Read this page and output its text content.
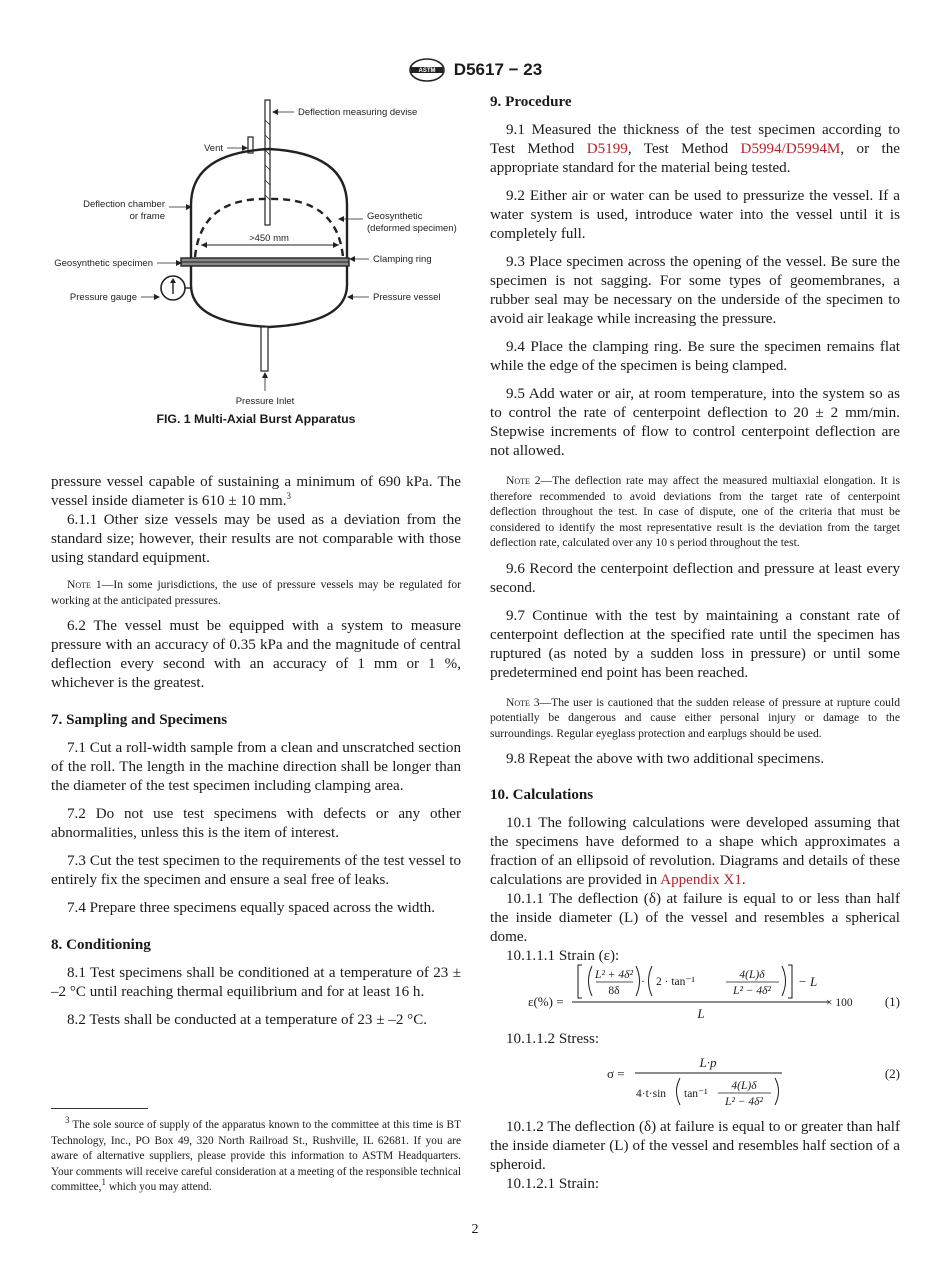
ASTM D5617 − 23
>450 mm
Deflection measuring devise
Vent
Deflection chamber
or frame	Geosynthetic
(deformed specimen)
Geosynthetic specimen	Clamping ring
Pressure gauge	Pressure vessel
Pressure Inlet
FIG. 1 Multi-Axial Burst Apparatus

pressure vessel capable of sustaining a minimum of 690 kPa. The vessel inside diameter is 610 ± 10 mm.$^3$

6.1.1 Other size vessels may be used as a deviation from the standard size; however, their results are not comparable with those using standard equipment.

Note 1—In some jurisdictions, the use of pressure vessels may be regulated for working at the anticipated pressures.

6.2 The vessel must be equipped with a system to measure pressure with an accuracy of 0.35 kPa and the magnitude of central deflection every second with an accuracy of 1 mm or 1 %, whichever is the greatest.

7. Sampling and Specimens

7.1 Cut a roll-width sample from a clean and unscratched section of the roll. The length in the machine direction shall be longer than the diameter of the test specimen including clamping area.

7.2 Do not use test specimens with defects or any other abnormalities, unless this is the item of interest.

7.3 Cut the test specimen to the requirements of the test vessel to entirely fix the specimen and ensure a seal free of leaks.

7.4 Prepare three specimens equally spaced across the width.

8. Conditioning

8.1 Test specimens shall be conditioned at a temperature of 23 ± –2 °C until reaching thermal equilibrium and for at least 16 h.

8.2 Tests shall be conducted at a temperature of 23 ± –2 °C.

$^3$ The sole source of supply of the apparatus known to the committee at this time is BT Technology, Inc., PO Box 49, 320 North Railroad St., Rushville, IL 62681. If you are aware of alternative suppliers, please provide this information to ASTM Headquarters. Your comments will receive careful consideration at a meeting of the responsible technical committee,$^1$ which you may attend.

9. Procedure

9.1 Measured the thickness of the test specimen according to Test Method D5199, Test Method D5994/D5994M, or the appropriate standard for the material being tested.

9.2 Either air or water can be used to pressurize the vessel. If a water system is used, introduce water into the vessel until it is completely full.

9.3 Place specimen across the opening of the vessel. Be sure the specimen is not sagging. For some types of geomembranes, a rubber seal may be necessary on the underside of the specimen to avoid air leakage while increasing the pressure.

9.4 Place the clamping ring. Be sure the specimen remains flat while the edge of the specimen is being clamped.

9.5 Add water or air, at room temperature, into the system so as to control the rate of centerpoint deflection to 20 ± 2 mm/min. Stepwise increments of flow to control centerpoint deflection are not allowed.

Note 2—The deflection rate may affect the measured multiaxial elongation. It is therefore recommended to avoid deviations from the target rate of centerpoint deflection throughout the test. In case of dispute, one of the criteria that must be considered to identify the most representative result is the deviation from the target deflection rate, calculated over any 10 s period throughout the test.

9.6 Record the centerpoint deflection and pressure at least every second.

9.7 Continue with the test by maintaining a constant rate of centerpoint deflection at the specified rate until the specimen has ruptured (as noted by a sudden loss in pressure) or until some predetermined end point has been reached.

Note 3—The user is cautioned that the sudden release of pressure at rupture could potentially be dangerous and cause either personal injury or damage to the surroundings. Regular eyeglass protection and earplugs should be used.

9.8 Repeat the above with two additional specimens.

10. Calculations

10.1 The following calculations were developed assuming that the specimens have deformed to a shape which approximates a fraction of an ellipsoid of revolution. Diagrams and details of these calculations are provided in Appendix X1.

10.1.1 The deflection (δ) at failure is equal to or less than half the inside diameter (L) of the vessel and resembles a spherical dome.

10.1.1.1 Strain (ε):

ε(%) =
L² + 4δ²
8δ
· 2 · tan⁻¹
4(L)δ
L² − 4δ²
− L
L
× 100 (1)

10.1.1.2 Stress:

σ =
L·p
4·t·sin tan⁻¹
4(L)δ
L² − 4δ²
(2)

10.1.2 The deflection (δ) at failure is equal to or greater than half the inside diameter (L) of the vessel and resembles half section of a spheroid.

10.1.2.1 Strain:

2
